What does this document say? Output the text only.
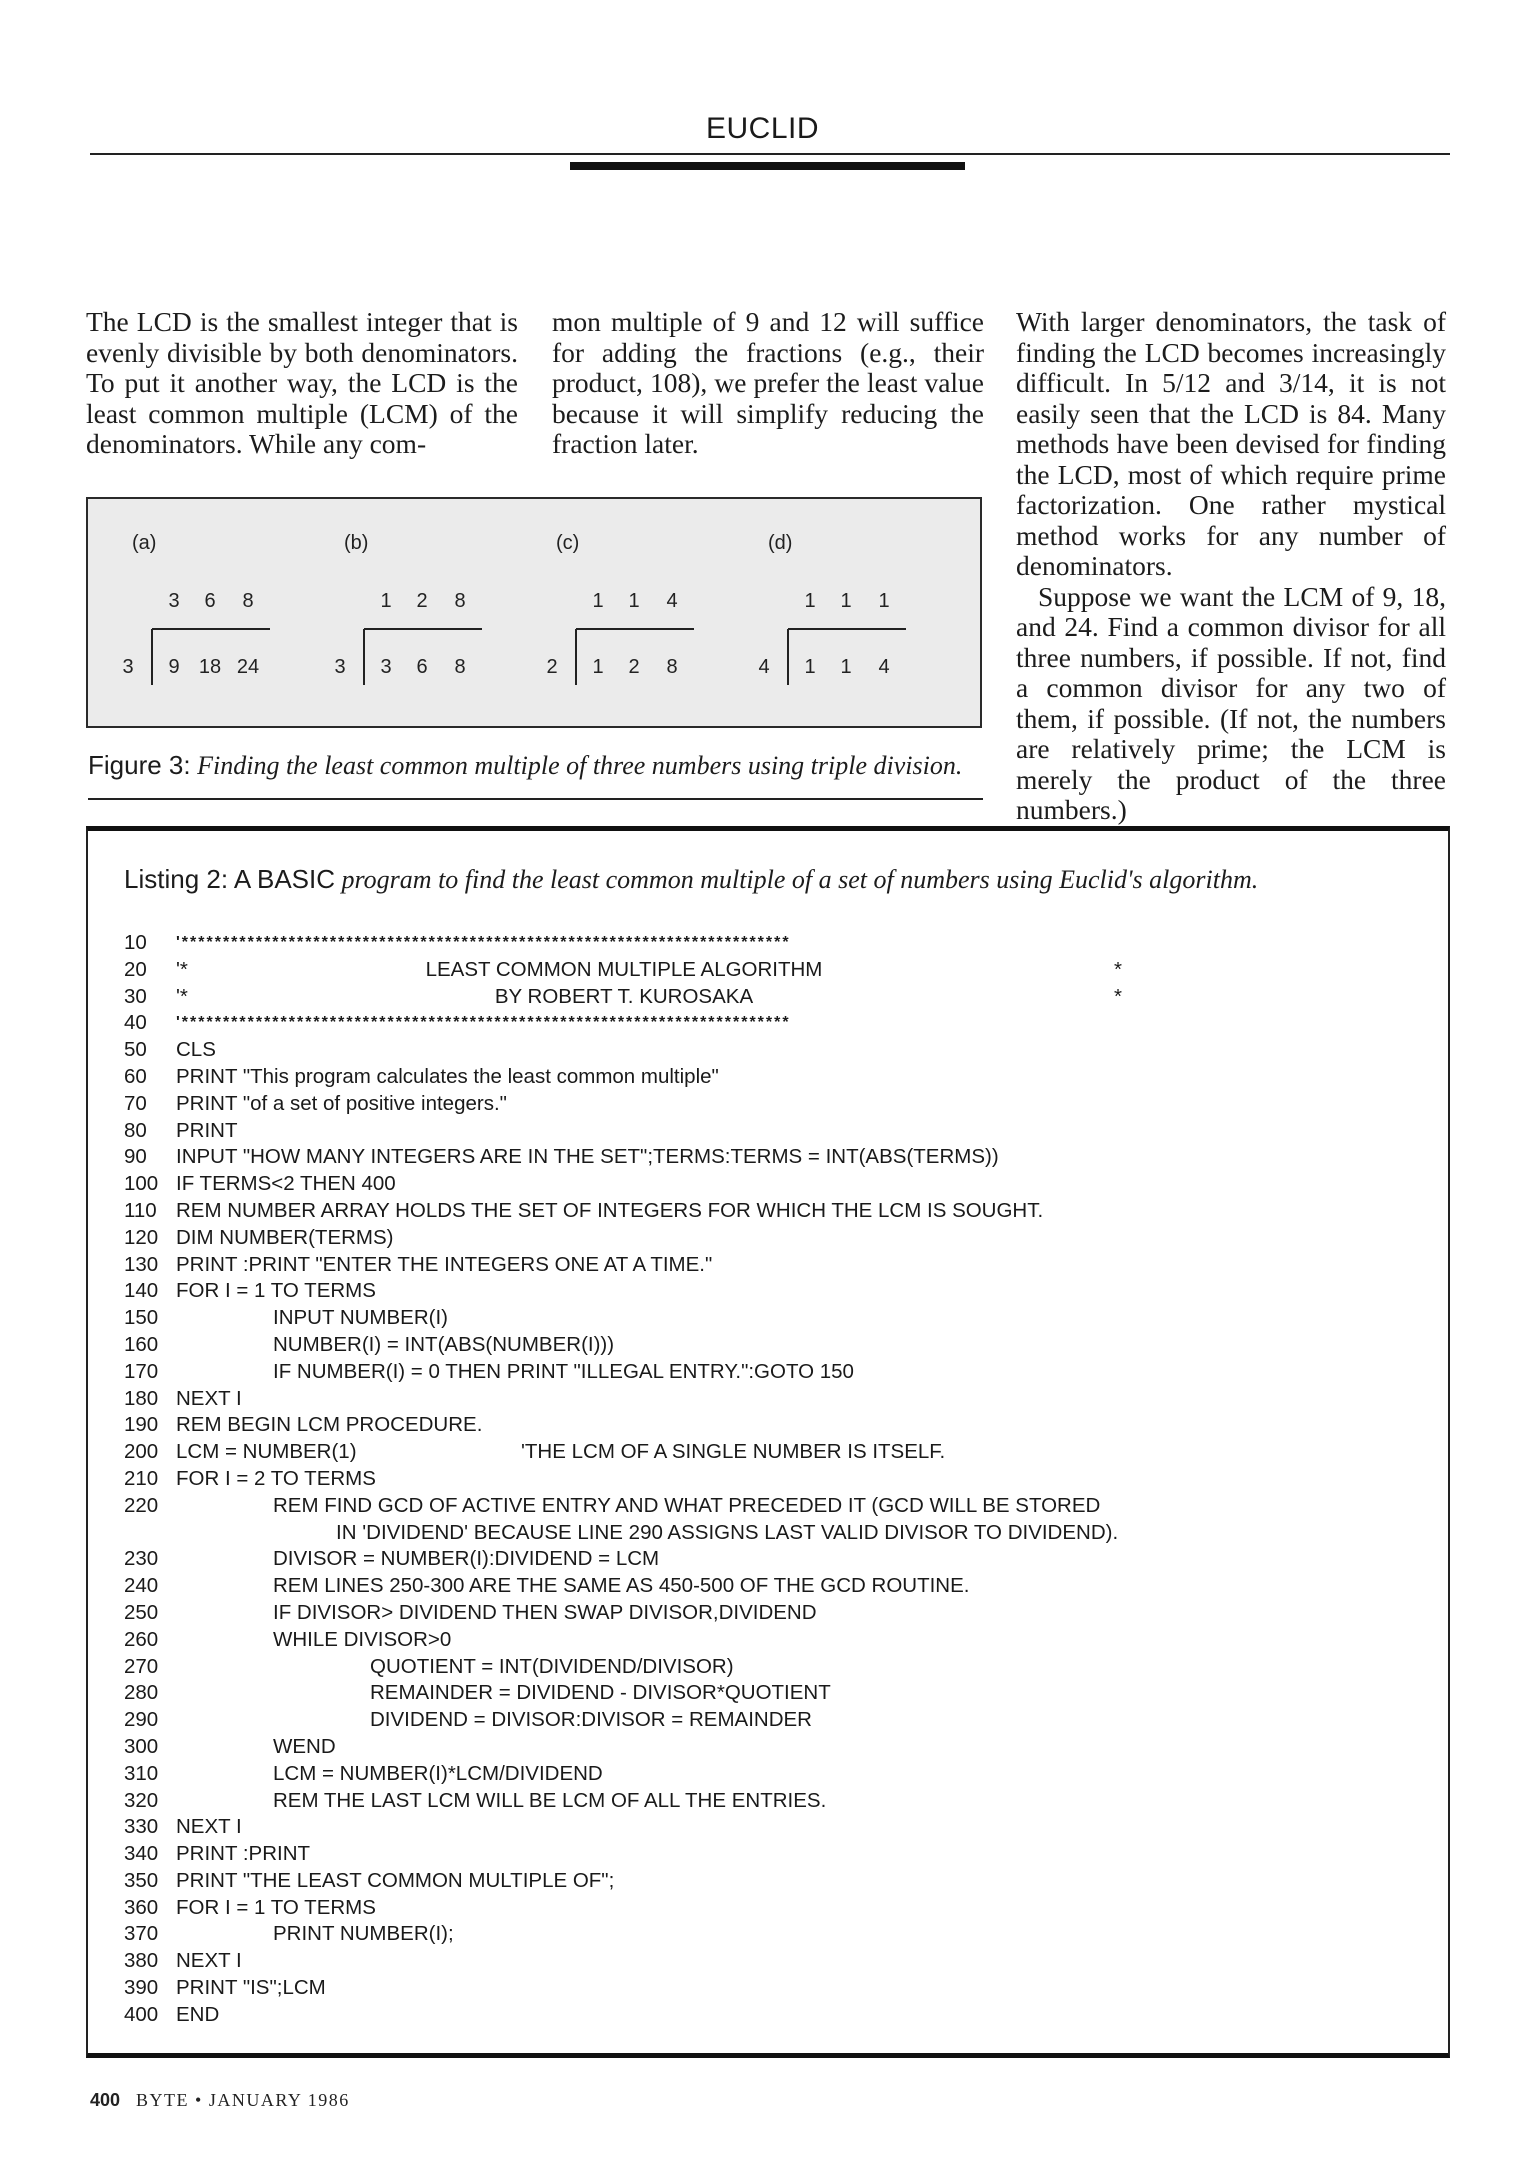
EUCLID

The LCD is the smallest integer that is evenly divisible by both denominators. To put it another way, the LCD is the least common multiple (LCM) of the denominators. While any com-

mon multiple of 9 and 12 will suffice for adding the fractions (e.g., their product, 108), we prefer the least value because it will simplify reducing the fraction later.

With larger denominators, the task of finding the LCD becomes increasingly difficult. In 5/12 and 3/14, it is not easily seen that the LCD is 84. Many methods have been devised for finding the LCD, most of which require prime factorization. One rather mystical method works for any number of denominators.

Suppose we want the LCM of 9, 18, and 24. Find a common divisor for all three numbers, if possible. If not, find a common divisor for any two of them, if possible. (If not, the numbers are relatively prime; the LCM is merely the product of the three numbers.)

(a)
3 6 8
3 9 18 24
(b)
1 2 8
3 3 6 8
(c)
1 1 4
2 1 2 8
(d)
1 1 1
4 1 1 4
Figure 3: Finding the least common multiple of three numbers using triple division.
Listing 2: A BASIC program to find the least common multiple of a set of numbers using Euclid's algorithm.
10 '**************************************************************************
20 '*	LEAST COMMON MULTIPLE ALGORITHM	*
30 '*	BY ROBERT T. KUROSAKA	*
40 '**************************************************************************
50 CLS
60 PRINT "This program calculates the least common multiple"
70 PRINT "of a set of positive integers."
80 PRINT
90 INPUT "HOW MANY INTEGERS ARE IN THE SET";TERMS:TERMS = INT(ABS(TERMS))
100 IF TERMS<2 THEN 400
110 REM NUMBER ARRAY HOLDS THE SET OF INTEGERS FOR WHICH THE LCM IS SOUGHT.
120 DIM NUMBER(TERMS)
130 PRINT :PRINT "ENTER THE INTEGERS ONE AT A TIME."
140 FOR I = 1 TO TERMS
150	INPUT NUMBER(I)
160	NUMBER(I) = INT(ABS(NUMBER(I)))
170	IF NUMBER(I) = 0 THEN PRINT "ILLEGAL ENTRY.":GOTO 150
180 NEXT I
190 REM BEGIN LCM PROCEDURE.
200 LCM = NUMBER(1)	'THE LCM OF A SINGLE NUMBER IS ITSELF.
210 FOR I = 2 TO TERMS
220	REM FIND GCD OF ACTIVE ENTRY AND WHAT PRECEDED IT (GCD WILL BE STORED
IN 'DIVIDEND' BECAUSE LINE 290 ASSIGNS LAST VALID DIVISOR TO DIVIDEND).
230	DIVISOR = NUMBER(I):DIVIDEND = LCM
240	REM LINES 250-300 ARE THE SAME AS 450-500 OF THE GCD ROUTINE.
250	IF DIVISOR> DIVIDEND THEN SWAP DIVISOR,DIVIDEND
260	WHILE DIVISOR>0
270	QUOTIENT = INT(DIVIDEND/DIVISOR)
280	REMAINDER = DIVIDEND - DIVISOR*QUOTIENT
290	DIVIDEND = DIVISOR:DIVISOR = REMAINDER
300	WEND
310	LCM = NUMBER(I)*LCM/DIVIDEND
320	REM THE LAST LCM WILL BE LCM OF ALL THE ENTRIES.
330 NEXT I
340 PRINT :PRINT
350 PRINT "THE LEAST COMMON MULTIPLE OF";
360 FOR I = 1 TO TERMS
370	PRINT NUMBER(I);
380 NEXT I
390 PRINT "IS";LCM
400 END
400 BYTE • JANUARY 1986
